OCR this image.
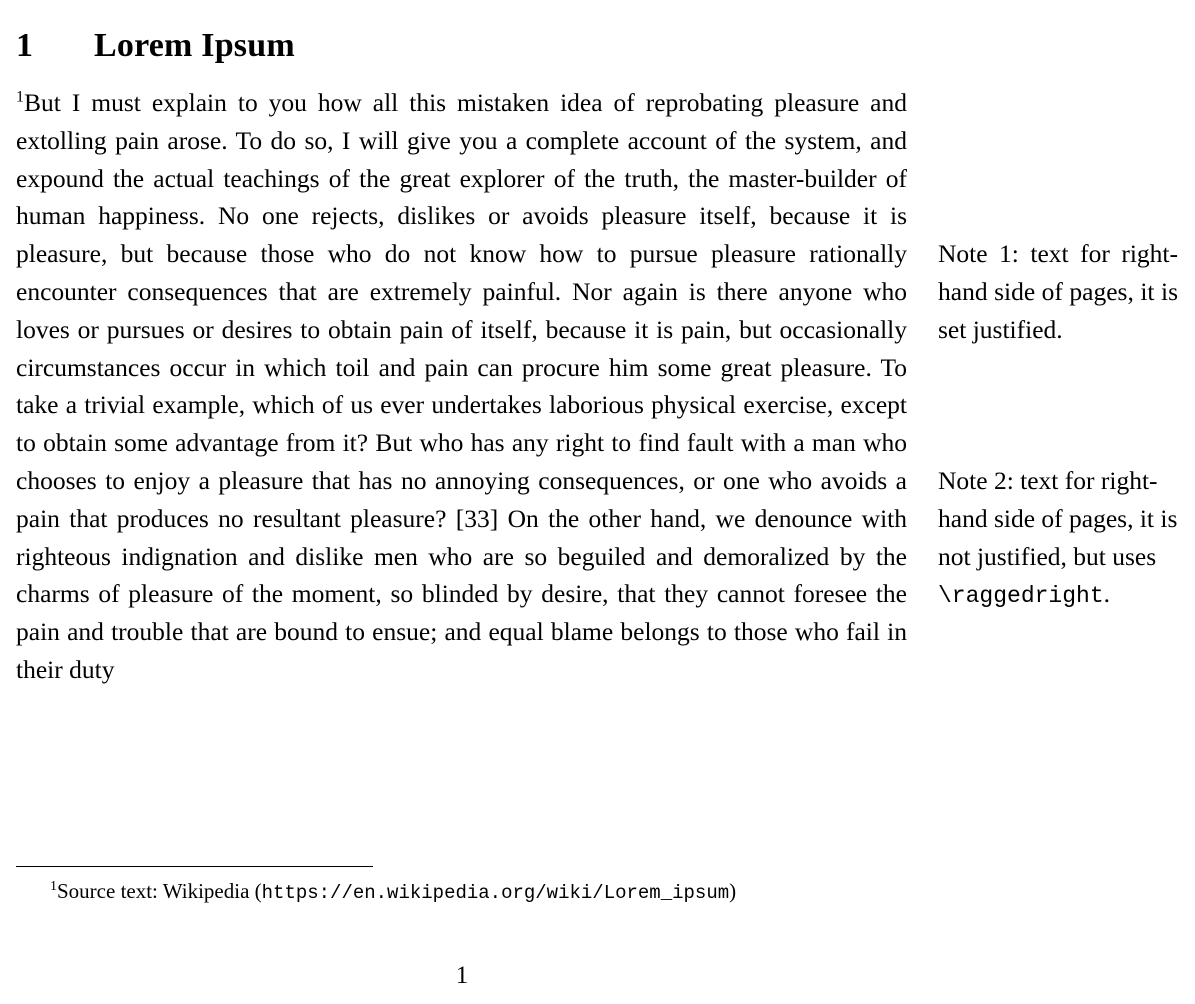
1 Lorem Ipsum

$^1$But I must explain to you how all this mistaken idea of reprobating pleasure and extolling pain arose. To do so, I will give you a complete account of the system, and expound the actual teachings of the great explorer of the truth, the master-builder of human happiness. No one rejects, dislikes or avoids pleasure itself, because it is pleasure, but because those who do not know how to pursue pleasure rationally encounter consequences that are extremely painful. Nor again is there anyone who loves or pursues or desires to obtain pain of itself, because it is pain, but occasionally circumstances occur in which toil and pain can procure him some great pleasure. To take a trivial example, which of us ever undertakes laborious physical exercise, except to obtain some advantage from it? But who has any right to find fault with a man who chooses to enjoy a pleasure that has no annoying consequences, or one who avoids a pain that produces no resultant pleasure? [33] On the other hand, we denounce with righteous indignation and dislike men who are so beguiled and demoralized by the charms of pleasure of the moment, so blinded by desire, that they cannot foresee the pain and trouble that are bound to ensue; and equal blame belongs to those who fail in their duty

Note 1: text for right-hand side of pages, it is set justified.
Note 2: text for right-hand side of pages, it is not justified, but uses \raggedright.
$^1$Source text: Wikipedia (https://en.wikipedia.org/wiki/Lorem_ipsum)
1
